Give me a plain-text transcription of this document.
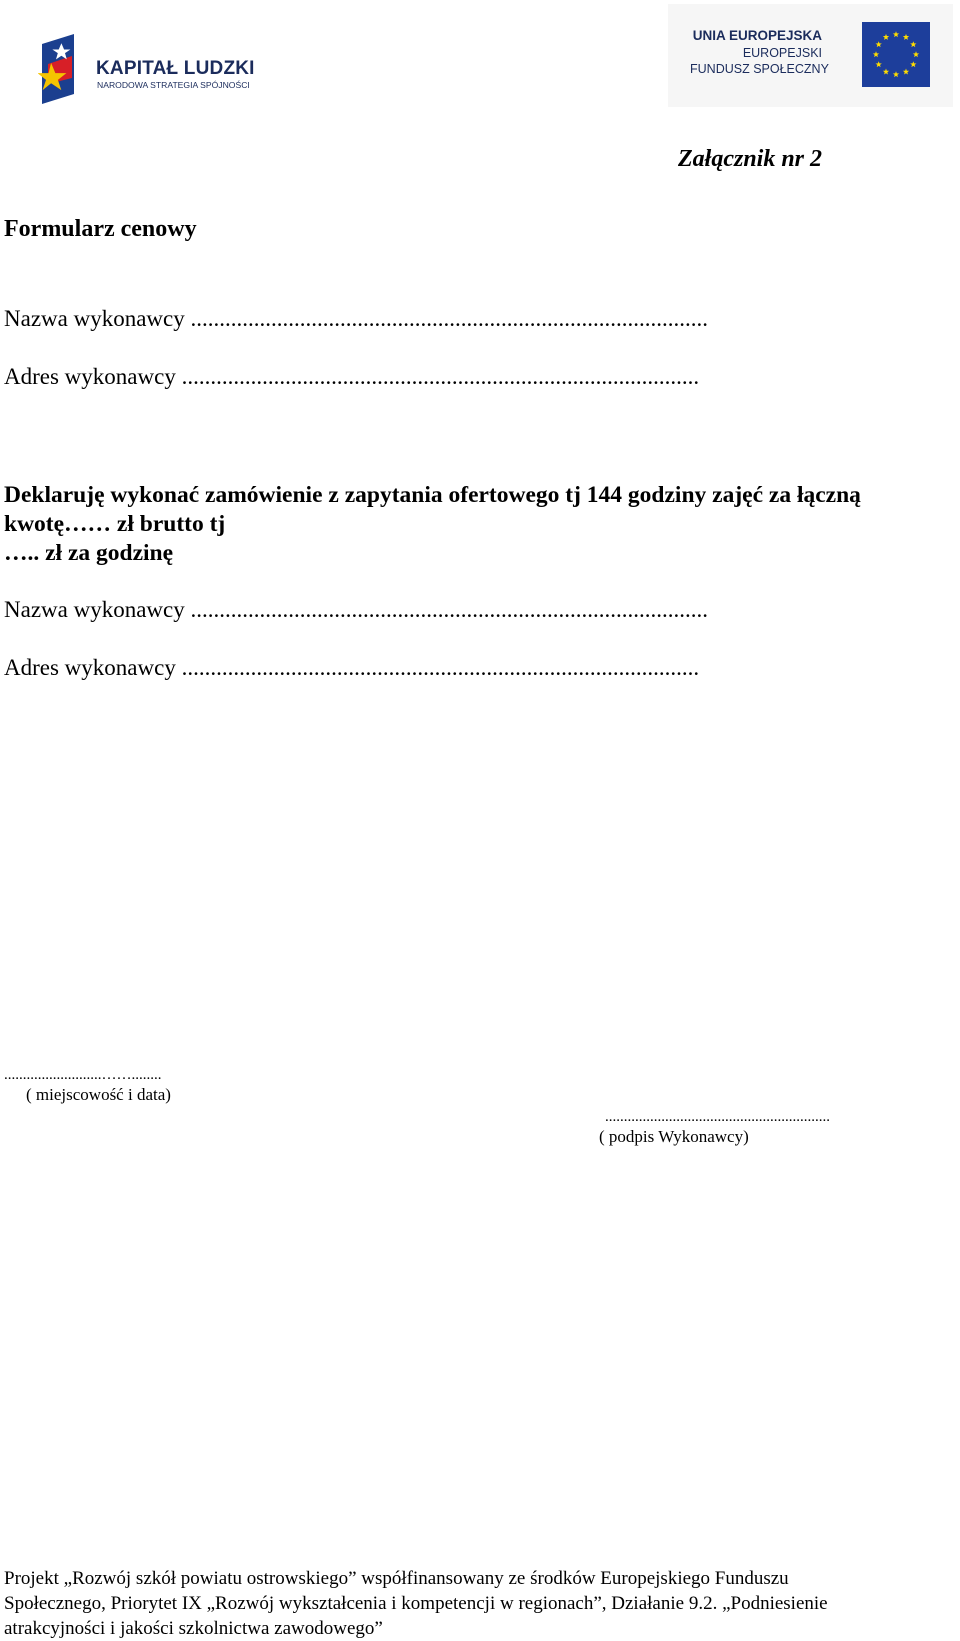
KAPITAŁ LUDZKI
NARODOWA STRATEGIA SPÓJNOŚCI
UNIA EUROPEJSKA
EUROPEJSKI
FUNDUSZ SPOŁECZNY
Załącznik nr 2
Formularz cenowy
Nazwa wykonawcy ..........................................................................................
Adres wykonawcy ..........................................................................................
Deklaruję wykonać zamówienie z zapytania ofertowego tj 144 godziny zajęć za łączną
kwotę…… zł brutto tj
….. zł za godzinę
Nazwa wykonawcy ..........................................................................................
Adres wykonawcy ..........................................................................................
..........................……........
( miejscowość i data)
............................................................
( podpis Wykonawcy)
Projekt „Rozwój szkół powiatu ostrowskiego” współfinansowany ze środków Europejskiego Funduszu
Społecznego, Priorytet IX „Rozwój wykształcenia i kompetencji w regionach”, Działanie 9.2. „Podniesienie
atrakcyjności i jakości szkolnictwa zawodowego”
